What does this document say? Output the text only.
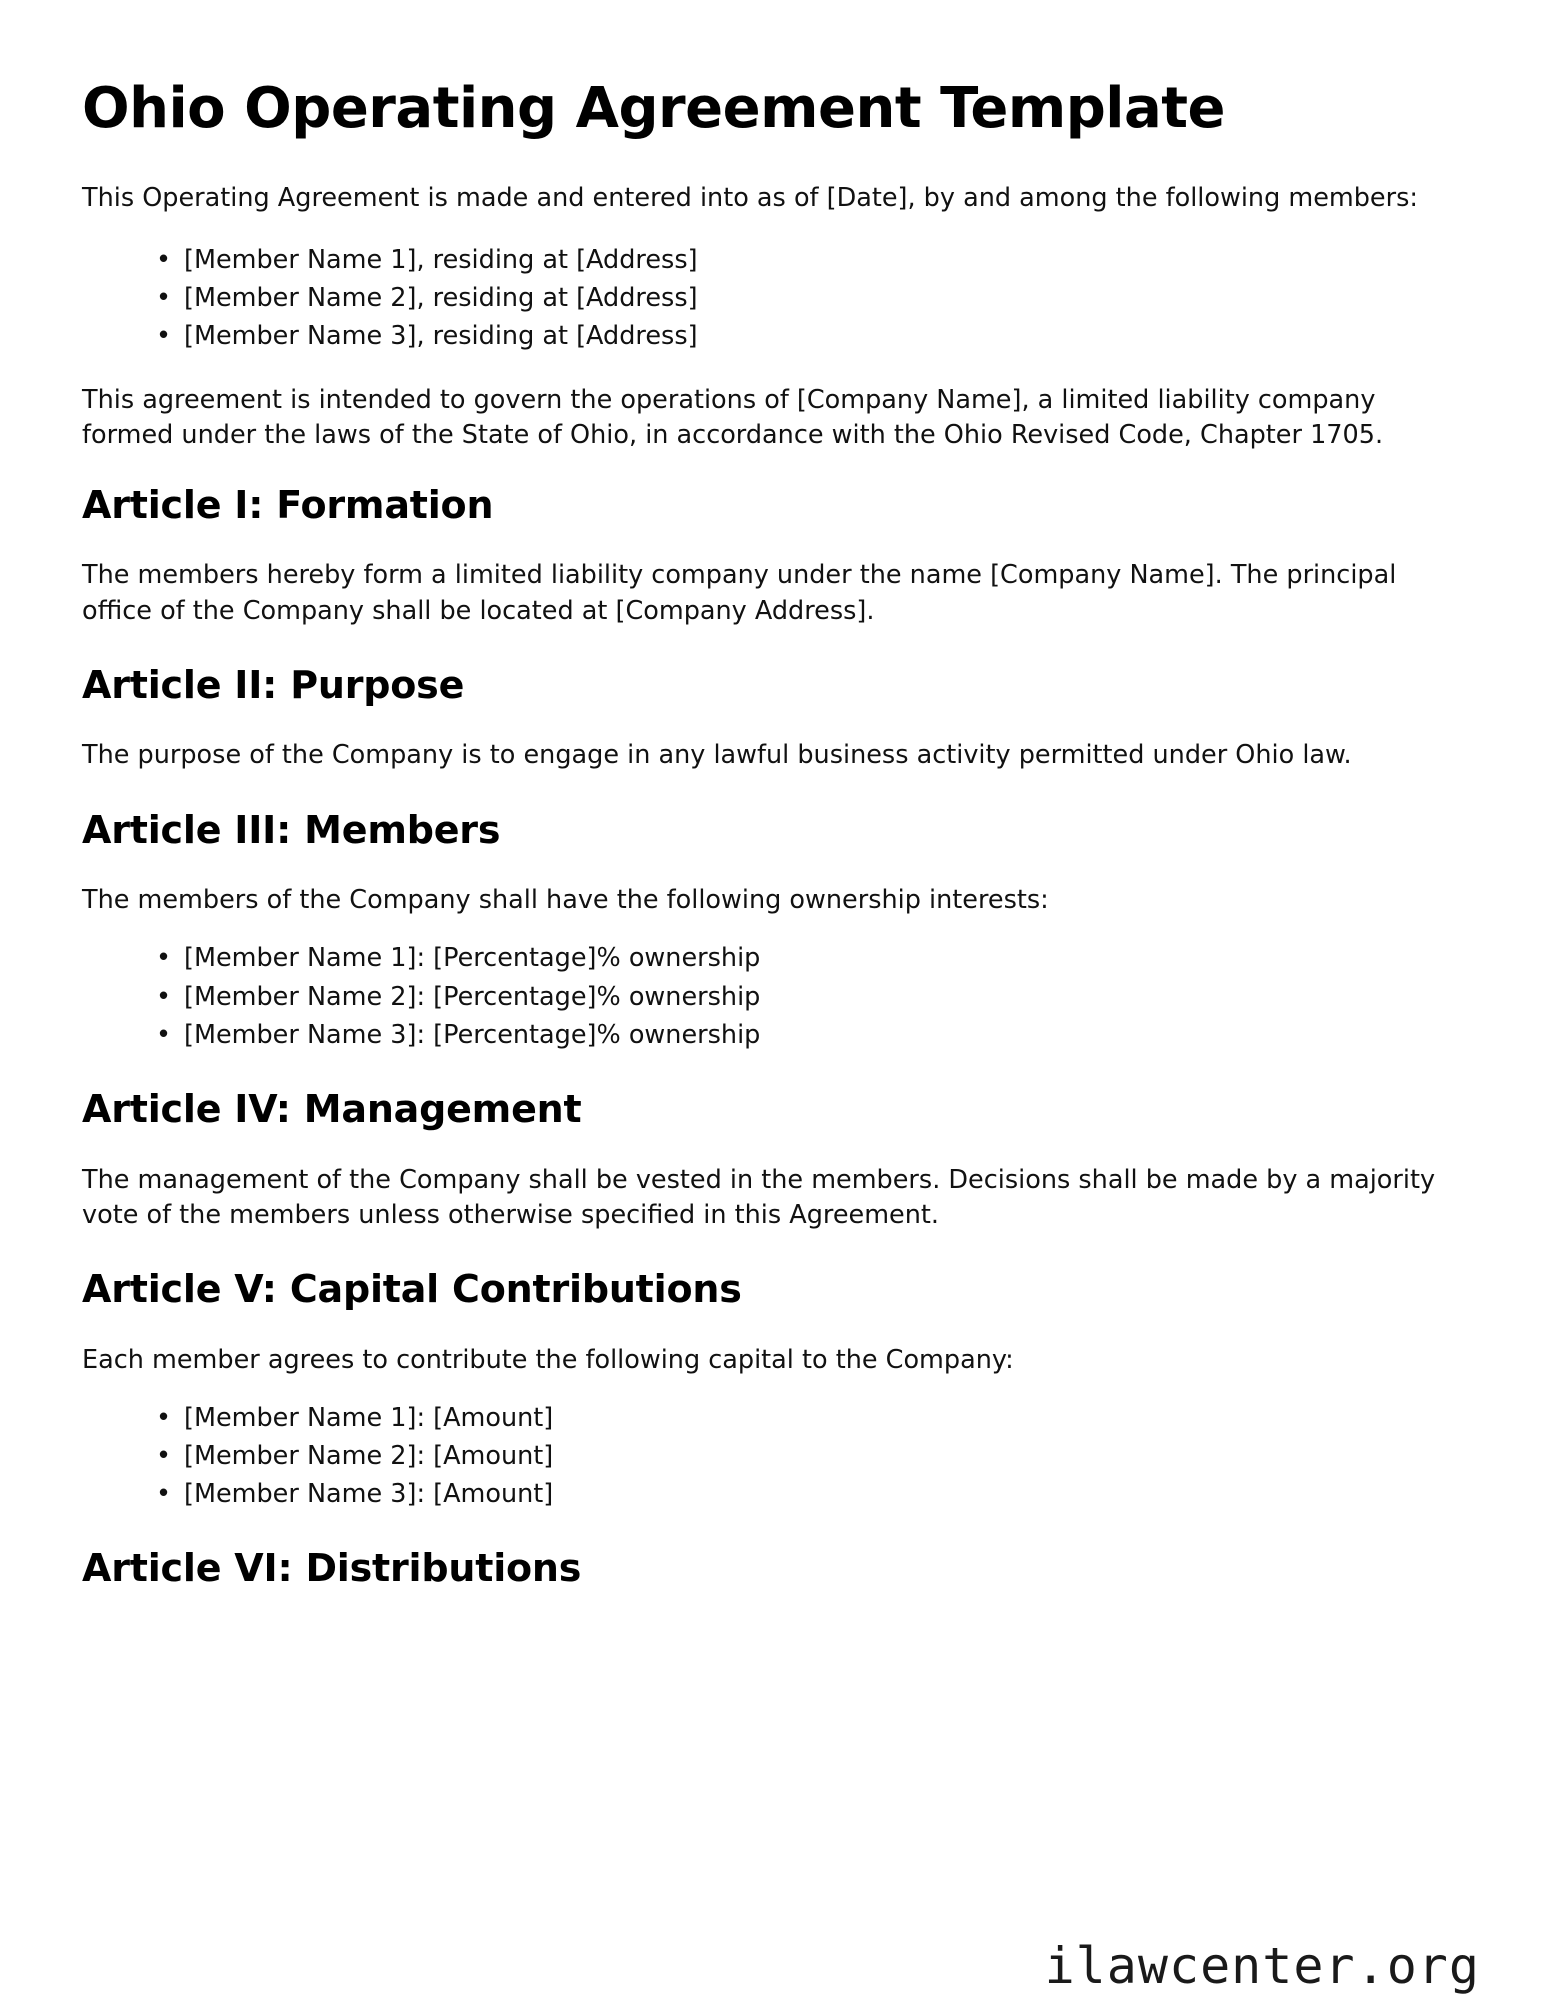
Ohio Operating Agreement Template

This Operating Agreement is made and entered into as of [Date], by and among the following members:

• [Member Name 1], residing at [Address]
• [Member Name 2], residing at [Address]
• [Member Name 3], residing at [Address]

This agreement is intended to govern the operations of [Company Name], a limited liability company formed under the laws of the State of Ohio, in accordance with the Ohio Revised Code, Chapter 1705.

Article I: Formation

The members hereby form a limited liability company under the name [Company Name]. The principal office of the Company shall be located at [Company Address].

Article II: Purpose

The purpose of the Company is to engage in any lawful business activity permitted under Ohio law.

Article III: Members

The members of the Company shall have the following ownership interests:

• [Member Name 1]: [Percentage]% ownership
• [Member Name 2]: [Percentage]% ownership
• [Member Name 3]: [Percentage]% ownership
Article IV: Management

The management of the Company shall be vested in the members. Decisions shall be made by a majority vote of the members unless otherwise specified in this Agreement.

Article V: Capital Contributions

Each member agrees to contribute the following capital to the Company:

• [Member Name 1]: [Amount]
• [Member Name 2]: [Amount]
• [Member Name 3]: [Amount]
Article VI: Distributions
ilawcenter.org
